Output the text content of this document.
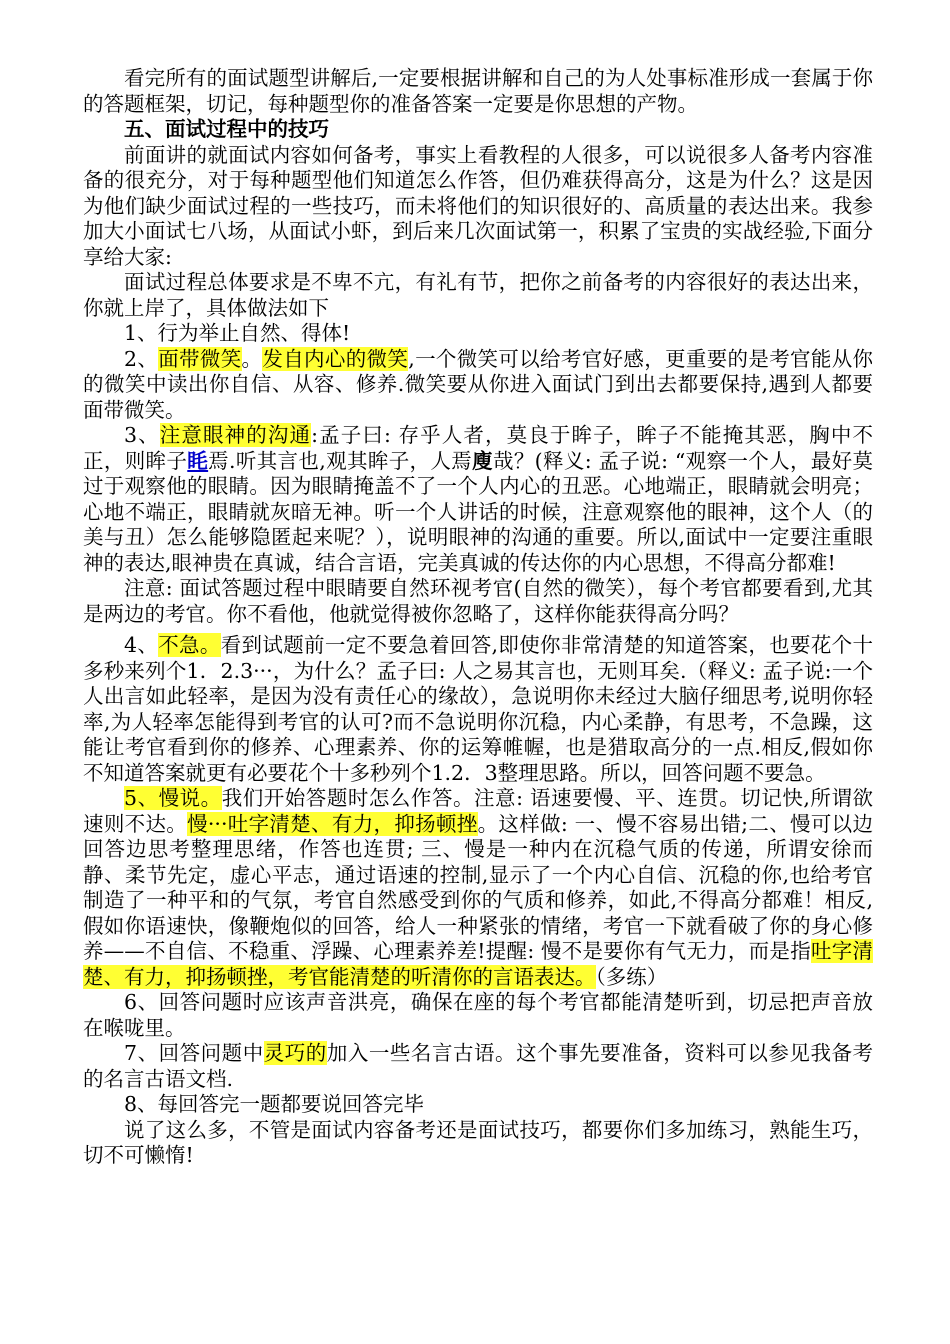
看完所有的面试题型讲解后,一定要根据讲解和自己的为人处事标准形成一套属于你的答题框架，切记，每种题型你的准备答案一定要是你思想的产物。

五、面试过程中的技巧

前面讲的就面试内容如何备考，事实上看教程的人很多，可以说很多人备考内容准备的很充分，对于每种题型他们知道怎么作答，但仍难获得高分，这是为什么？这是因为他们缺少面试过程的一些技巧，而未将他们的知识很好的、高质量的表达出来。我参加大小面试七八场，从面试小虾，到后来几次面试第一，积累了宝贵的实战经验,下面分享给大家:

面试过程总体要求是不卑不亢，有礼有节，把你之前备考的内容很好的表达出来，你就上岸了，具体做法如下

1、行为举止自然、得体!

2、面带微笑。发自内心的微笑,一个微笑可以给考官好感，更重要的是考官能从你的微笑中读出你自信、从容、修养.微笑要从你进入面试门到出去都要保持,遇到人都要面带微笑。

3、注意眼神的沟通:孟子曰: 存乎人者，莫良于眸子，眸子不能掩其恶，胸中不正，则眸子眊焉.听其言也,观其眸子，人焉廋哉？(释义: 孟子说: “观察一个人，最好莫过于观察他的眼睛。因为眼睛掩盖不了一个人内心的丑恶。心地端正，眼睛就会明亮；心地不端正，眼睛就灰暗无神。听一个人讲话的时候，注意观察他的眼神，这个人（的美与丑）怎么能够隐匿起来呢？），说明眼神的沟通的重要。所以,面试中一定要注重眼神的表达,眼神贵在真诚，结合言语，完美真诚的传达你的内心思想，不得高分都难!

注意: 面试答题过程中眼睛要自然环视考官(自然的微笑），每个考官都要看到,尤其是两边的考官。你不看他，他就觉得被你忽略了，这样你能获得高分吗？

4、不急。看到试题前一定不要急着回答,即使你非常清楚的知道答案，也要花个十多秒来列个1．2.3···，为什么？孟子曰: 人之易其言也，无则耳矣.（释义: 孟子说:一个人出言如此轻率，是因为没有责任心的缘故），急说明你未经过大脑仔细思考,说明你轻率,为人轻率怎能得到考官的认可?而不急说明你沉稳，内心柔静，有思考，不急躁，这能让考官看到你的修养、心理素养、你的运筹帷幄，也是猎取高分的一点.相反,假如你不知道答案就更有必要花个十多秒列个1.2．3整理思路。所以，回答问题不要急。

5、慢说。我们开始答题时怎么作答。注意: 语速要慢、平、连贯。切记快,所谓欲速则不达。慢···吐字清楚、有力，抑扬顿挫。这样做: 一、慢不容易出错;二、慢可以边回答边思考整理思绪，作答也连贯; 三、慢是一种内在沉稳气质的传递，所谓安徐而静、柔节先定，虚心平志，通过语速的控制,显示了一个内心自信、沉稳的你,也给考官制造了一种平和的气氛，考官自然感受到你的气质和修养，如此,不得高分都难！相反,假如你语速快，像鞭炮似的回答，给人一种紧张的情绪，考官一下就看破了你的身心修养——不自信、不稳重、浮躁、心理素养差!提醒: 慢不是要你有气无力，而是指吐字清楚、有力，抑扬顿挫，考官能清楚的听清你的言语表达。（多练）

6、回答问题时应该声音洪亮，确保在座的每个考官都能清楚听到，切忌把声音放在喉咙里。

7、回答问题中灵巧的加入一些名言古语。这个事先要准备，资料可以参见我备考的名言古语文档.

8、每回答完一题都要说回答完毕

说了这么多，不管是面试内容备考还是面试技巧，都要你们多加练习，熟能生巧，切不可懒惰!
